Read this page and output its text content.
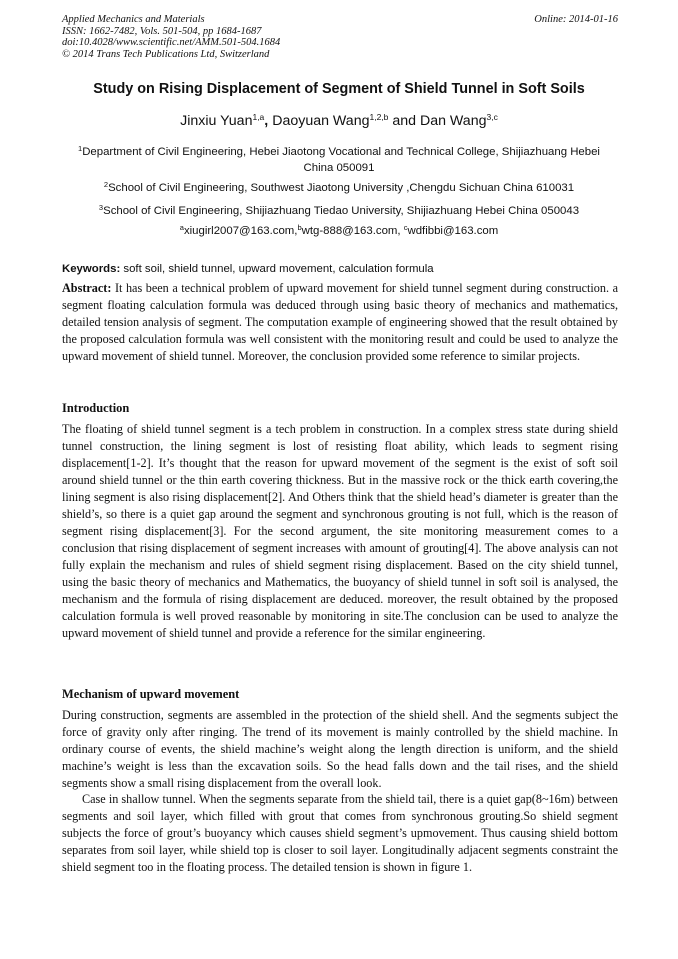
Applied Mechanics and Materials
ISSN: 1662-7482, Vols. 501-504, pp 1684-1687
doi:10.4028/www.scientific.net/AMM.501-504.1684
© 2014 Trans Tech Publications Ltd, Switzerland
Online: 2014-01-16
Study on Rising Displacement of Segment of Shield Tunnel in Soft Soils
Jinxiu Yuan$^{1,a}$, Daoyuan Wang$^{1,2,b}$ and Dan Wang$^{3,c}$
$^1$Department of Civil Engineering, Hebei Jiaotong Vocational and Technical College, Shijiazhuang Hebei China 050091
$^2$School of Civil Engineering, Southwest Jiaotong University ,Chengdu Sichuan China 610031
$^3$School of Civil Engineering, Shijiazhuang Tiedao University, Shijiazhuang Hebei China 050043
$^a$xiugirl2007@163.com,$^b$wtg-888@163.com, $^c$wdfibbi@163.com
Keywords: soft soil, shield tunnel, upward movement, calculation formula

Abstract: It has been a technical problem of upward movement for shield tunnel segment during construction. a segment floating calculation formula was deduced through using basic theory of mechanics and mathematics, detailed tension analysis of segment. The computation example of engineering showed that the result obtained by the proposed calculation formula was well consistent with the monitoring result and could be used to analyze the upward movement of shield tunnel. Moreover, the conclusion provided some reference to similar projects.

Introduction

The floating of shield tunnel segment is a tech problem in construction. In a complex stress state during shield tunnel construction, the lining segment is lost of resisting float ability, which leads to segment rising displacement[1-2]. It’s thought that the reason for upward movement of the segment is the exist of soft soil around shield tunnel or the thin earth covering thickness. But in the massive rock or the thick earth covering,the lining segment is also rising displacement[2]. And Others think that the shield head’s diameter is greater than the shield’s, so there is a quiet gap around the segment and synchronous grouting is not full, which is the reason of segment rising displacement[3]. For the second argument, the site monitoring measurement comes to a conclusion that rising displacement of segment increases with amount of grouting[4]. The above analysis can not fully explain the mechanism and rules of shield segment rising displacement. Based on the city shield tunnel, using the basic theory of mechanics and Mathematics, the buoyancy of shield tunnel in soft soil is analysed, the mechanism and the formula of rising displacement are deduced. moreover, the result obtained by the proposed calculation formula is well proved reasonable by monitoring in site.The conclusion can be used to analyze the upward movement of shield tunnel and provide a reference for the similar engineering.

Mechanism of upward movement

During construction, segments are assembled in the protection of the shield shell. And the segments subject the force of gravity only after ringing. The trend of its movement is mainly controlled by the shield machine. In ordinary course of events, the shield machine’s weight along the length direction is uniform, and the shield machine’s weight is less than the excavation soils. So the head falls down and the tail rises, and the shield segments show a small rising displacement from the overall look.

Case in shallow tunnel. When the segments separate from the shield tail, there is a quiet gap(8~16m) between segments and soil layer, which filled with grout that comes from synchronous grouting.So shield segment subjects the force of grout’s buoyancy which causes shield segment’s upmovement. Thus causing shield bottom separates from soil layer, while shield top is closer to soil layer. Longitudinally adjacent segments constraint the shield segment too in the floating process. The detailed tension is shown in figure 1.
